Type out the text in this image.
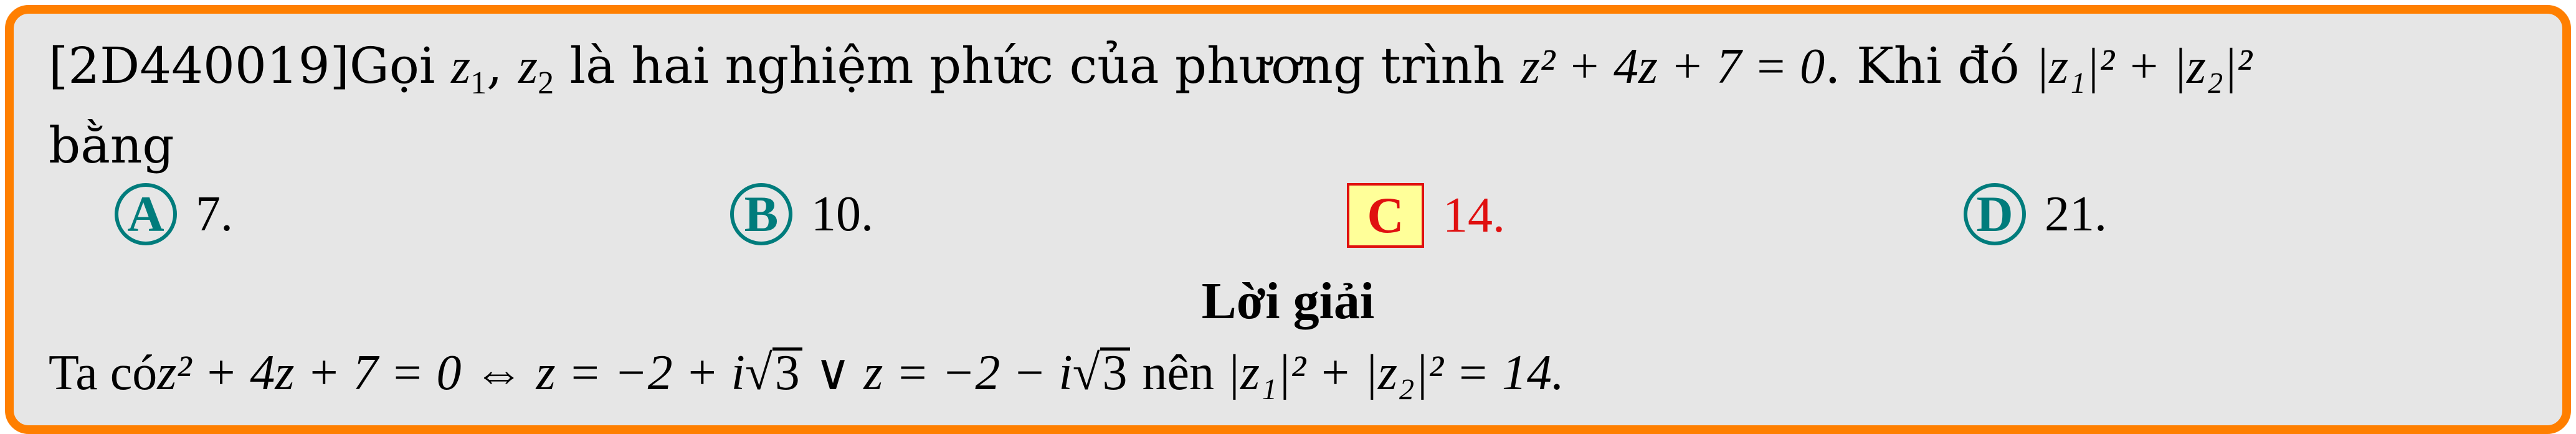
[2D440019]Gọi $z_1$, $z_2$ là hai nghiệm phức của phương trình z² + 4z + 7 = 0. Khi đó |z₁|² + |z₂|²
bằng
A 7.	B 10.	C 14.	D 21.
Lời giải
Ta cóz² + 4z + 7 = 0 ⇔ z = −2 + i√3 ∨ z = −2 − i√3 nên |z₁|² + |z₂|² = 14.
